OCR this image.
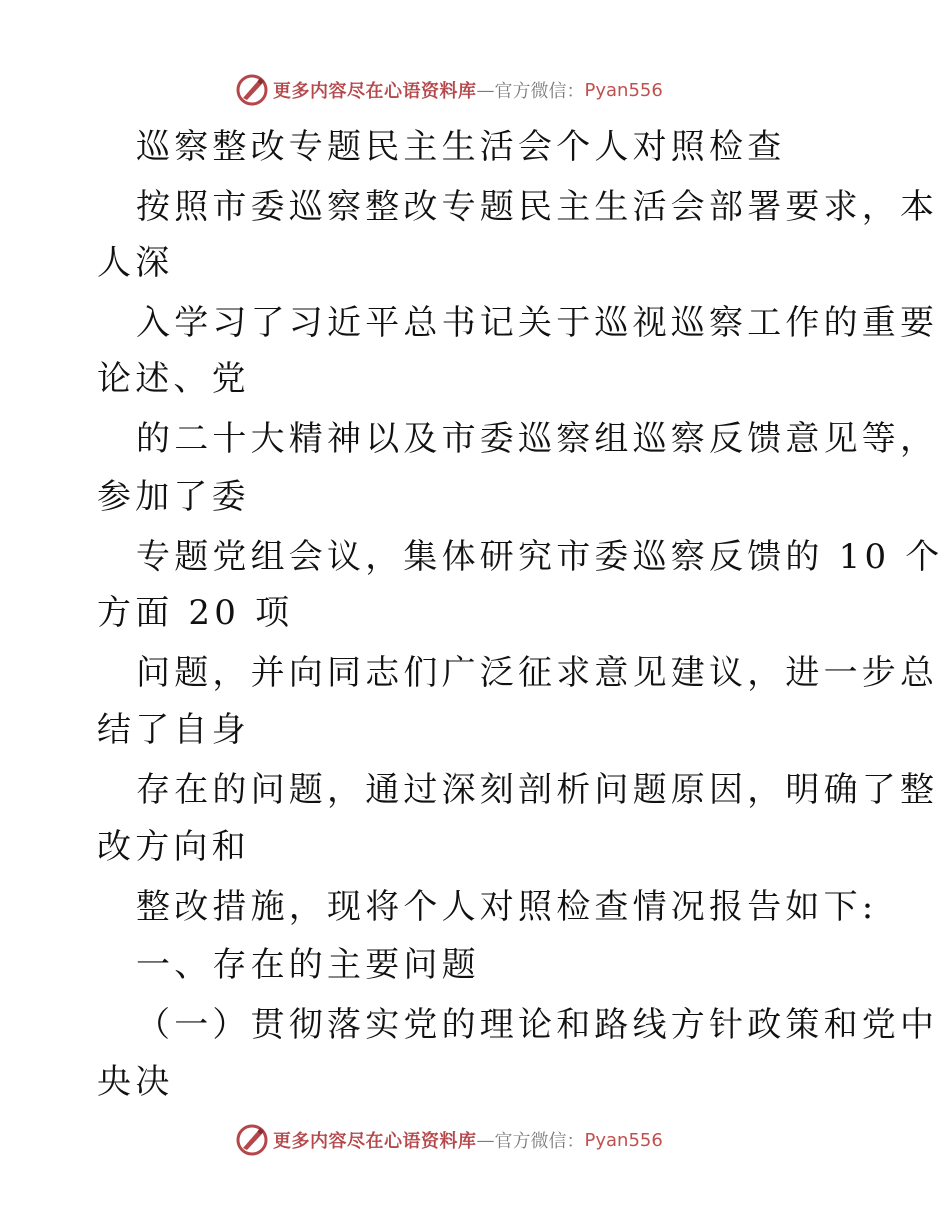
更多内容尽在心语资料库 — 官方微信： Pyan556
巡察整改专题民主生活会个人对照检查
按照市委巡察整改专题民主生活会部署要求，本
人深
入学习了习近平总书记关于巡视巡察工作的重要
论述、党
的二十大精神以及市委巡察组巡察反馈意见等，
参加了委
专题党组会议，集体研究市委巡察反馈的 10 个
方面 20 项
问题，并向同志们广泛征求意见建议，进一步总
结了自身
存在的问题，通过深刻剖析问题原因，明确了整
改方向和
整改措施，现将个人对照检查情况报告如下:
一、存在的主要问题
（一）贯彻落实党的理论和路线方针政策和党中
央决
更多内容尽在心语资料库 — 官方微信： Pyan556
